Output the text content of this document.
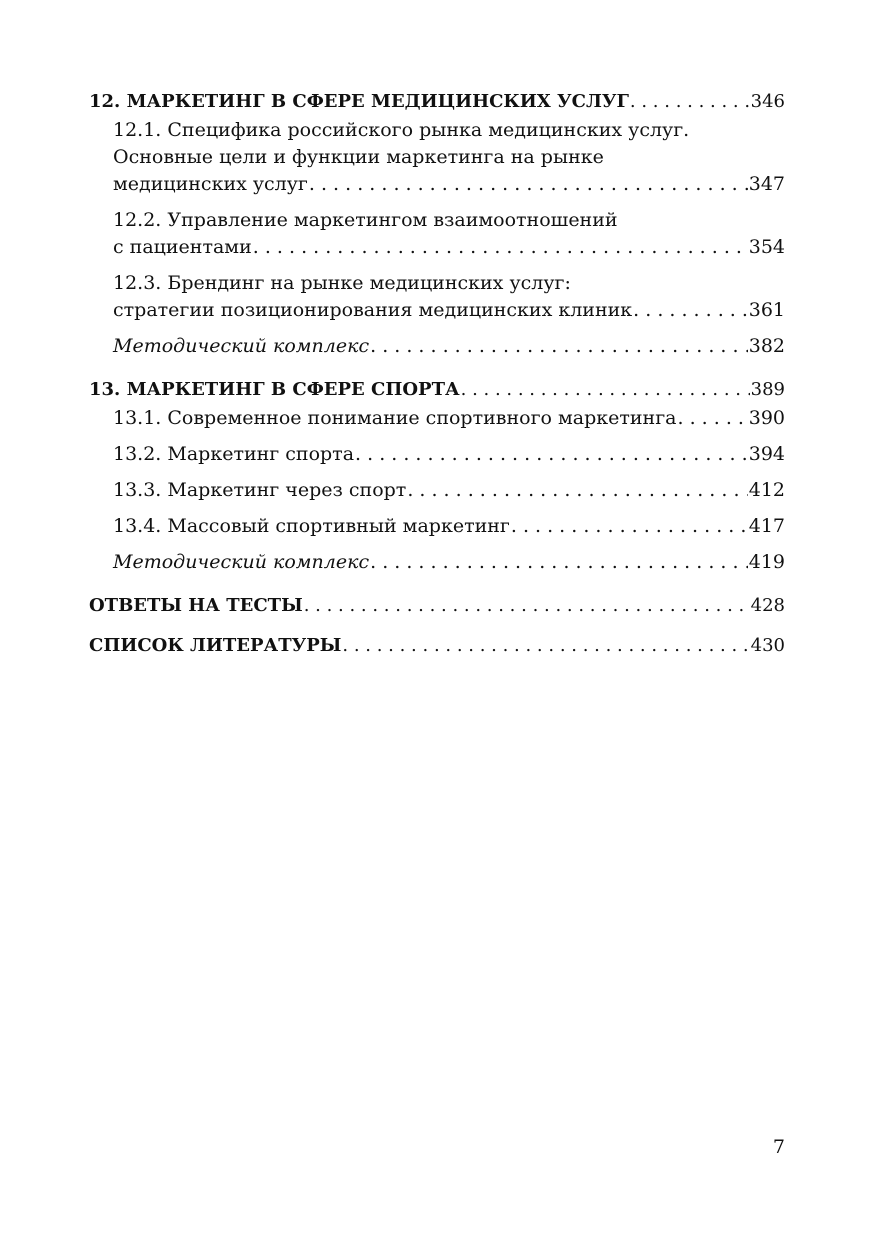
12. МАРКЕТИНГ В СФЕРЕ МЕДИЦИНСКИХ УСЛУГ . . .	346
12.1. Специфика российского рынка медицинских услуг.
Основные цели и функции маркетинга на рынке
медицинских услуг . . .	347
12.2. Управление маркетингом взаимоотношений
с пациентами . . .	354
12.3. Брендинг на рынке медицинских услуг:
стратегии позиционирования медицинских клиник . . .	361
Методический комплекс . . .	382
13. МАРКЕТИНГ В СФЕРЕ СПОРТА . . .	389
13.1. Современное понимание спортивного маркетинга . . .	390
13.2. Маркетинг спорта . . .	394
13.3. Маркетинг через спорт . . .	412
13.4. Массовый спортивный маркетинг . . .	417
Методический комплекс . . .	419
ОТВЕТЫ НА ТЕСТЫ . . .	428
СПИСОК ЛИТЕРАТУРЫ . . .	430
7
